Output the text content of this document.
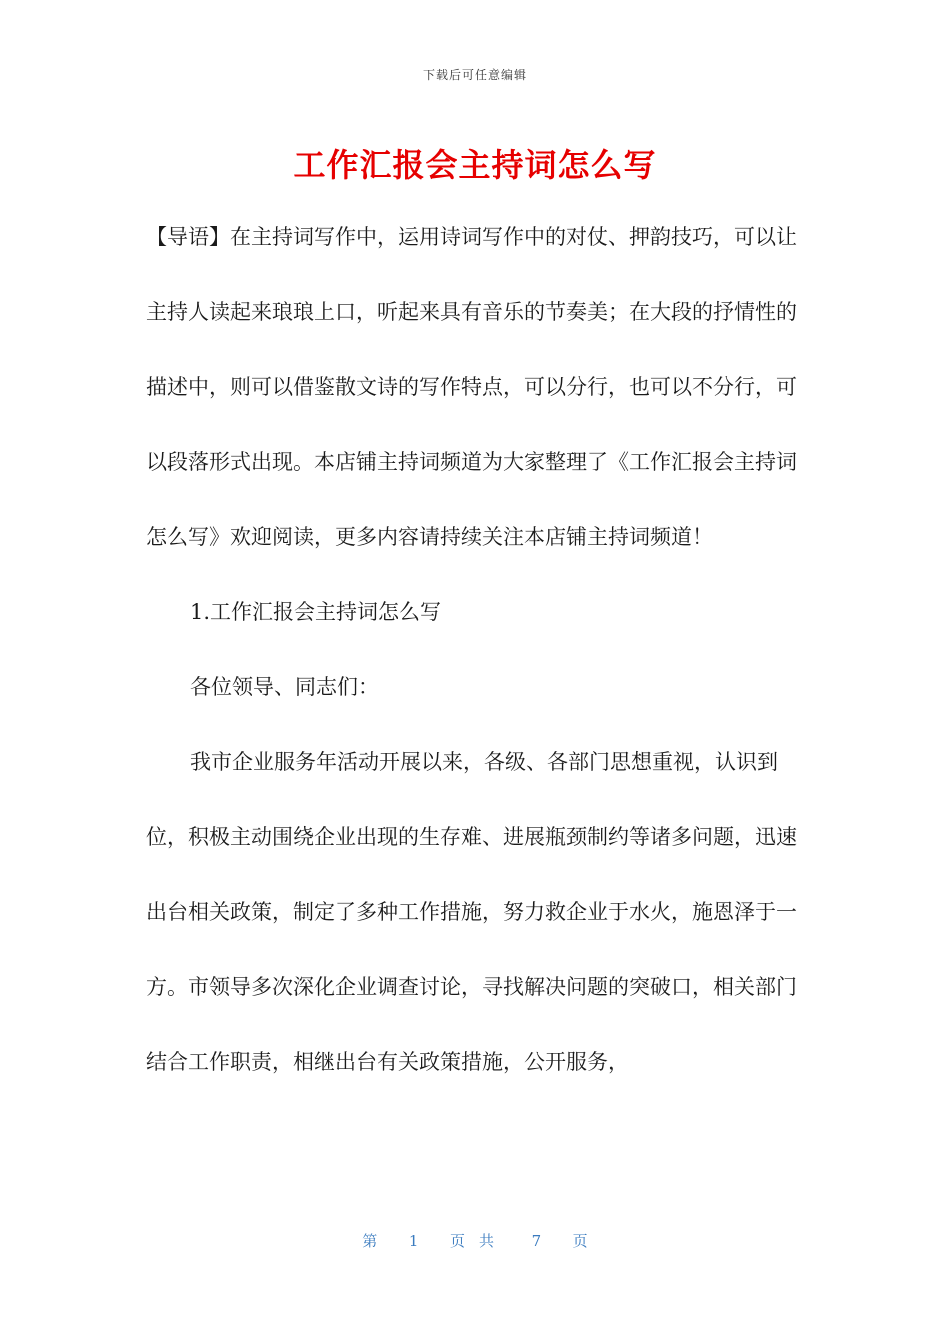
下载后可任意编辑
工作汇报会主持词怎么写

【导语】在主持词写作中，运用诗词写作中的对仗、押韵技巧，可以让主持人读起来琅琅上口，听起来具有音乐的节奏美；在大段的抒情性的描述中，则可以借鉴散文诗的写作特点，可以分行，也可以不分行，可以段落形式出现。本店铺主持词频道为大家整理了《工作汇报会主持词怎么写》欢迎阅读，更多内容请持续关注本店铺主持词频道！

1.工作汇报会主持词怎么写

各位领导、同志们：

我市企业服务年活动开展以来，各级、各部门思想重视，认识到位，积极主动围绕企业出现的生存难、进展瓶颈制约等诸多问题，迅速出台相关政策，制定了多种工作措施，努力救企业于水火，施恩泽于一方。市领导多次深化企业调查讨论，寻找解决问题的突破口，相关部门结合工作职责，相继出台有关政策措施，公开服务，

第 1 页共 7 页
